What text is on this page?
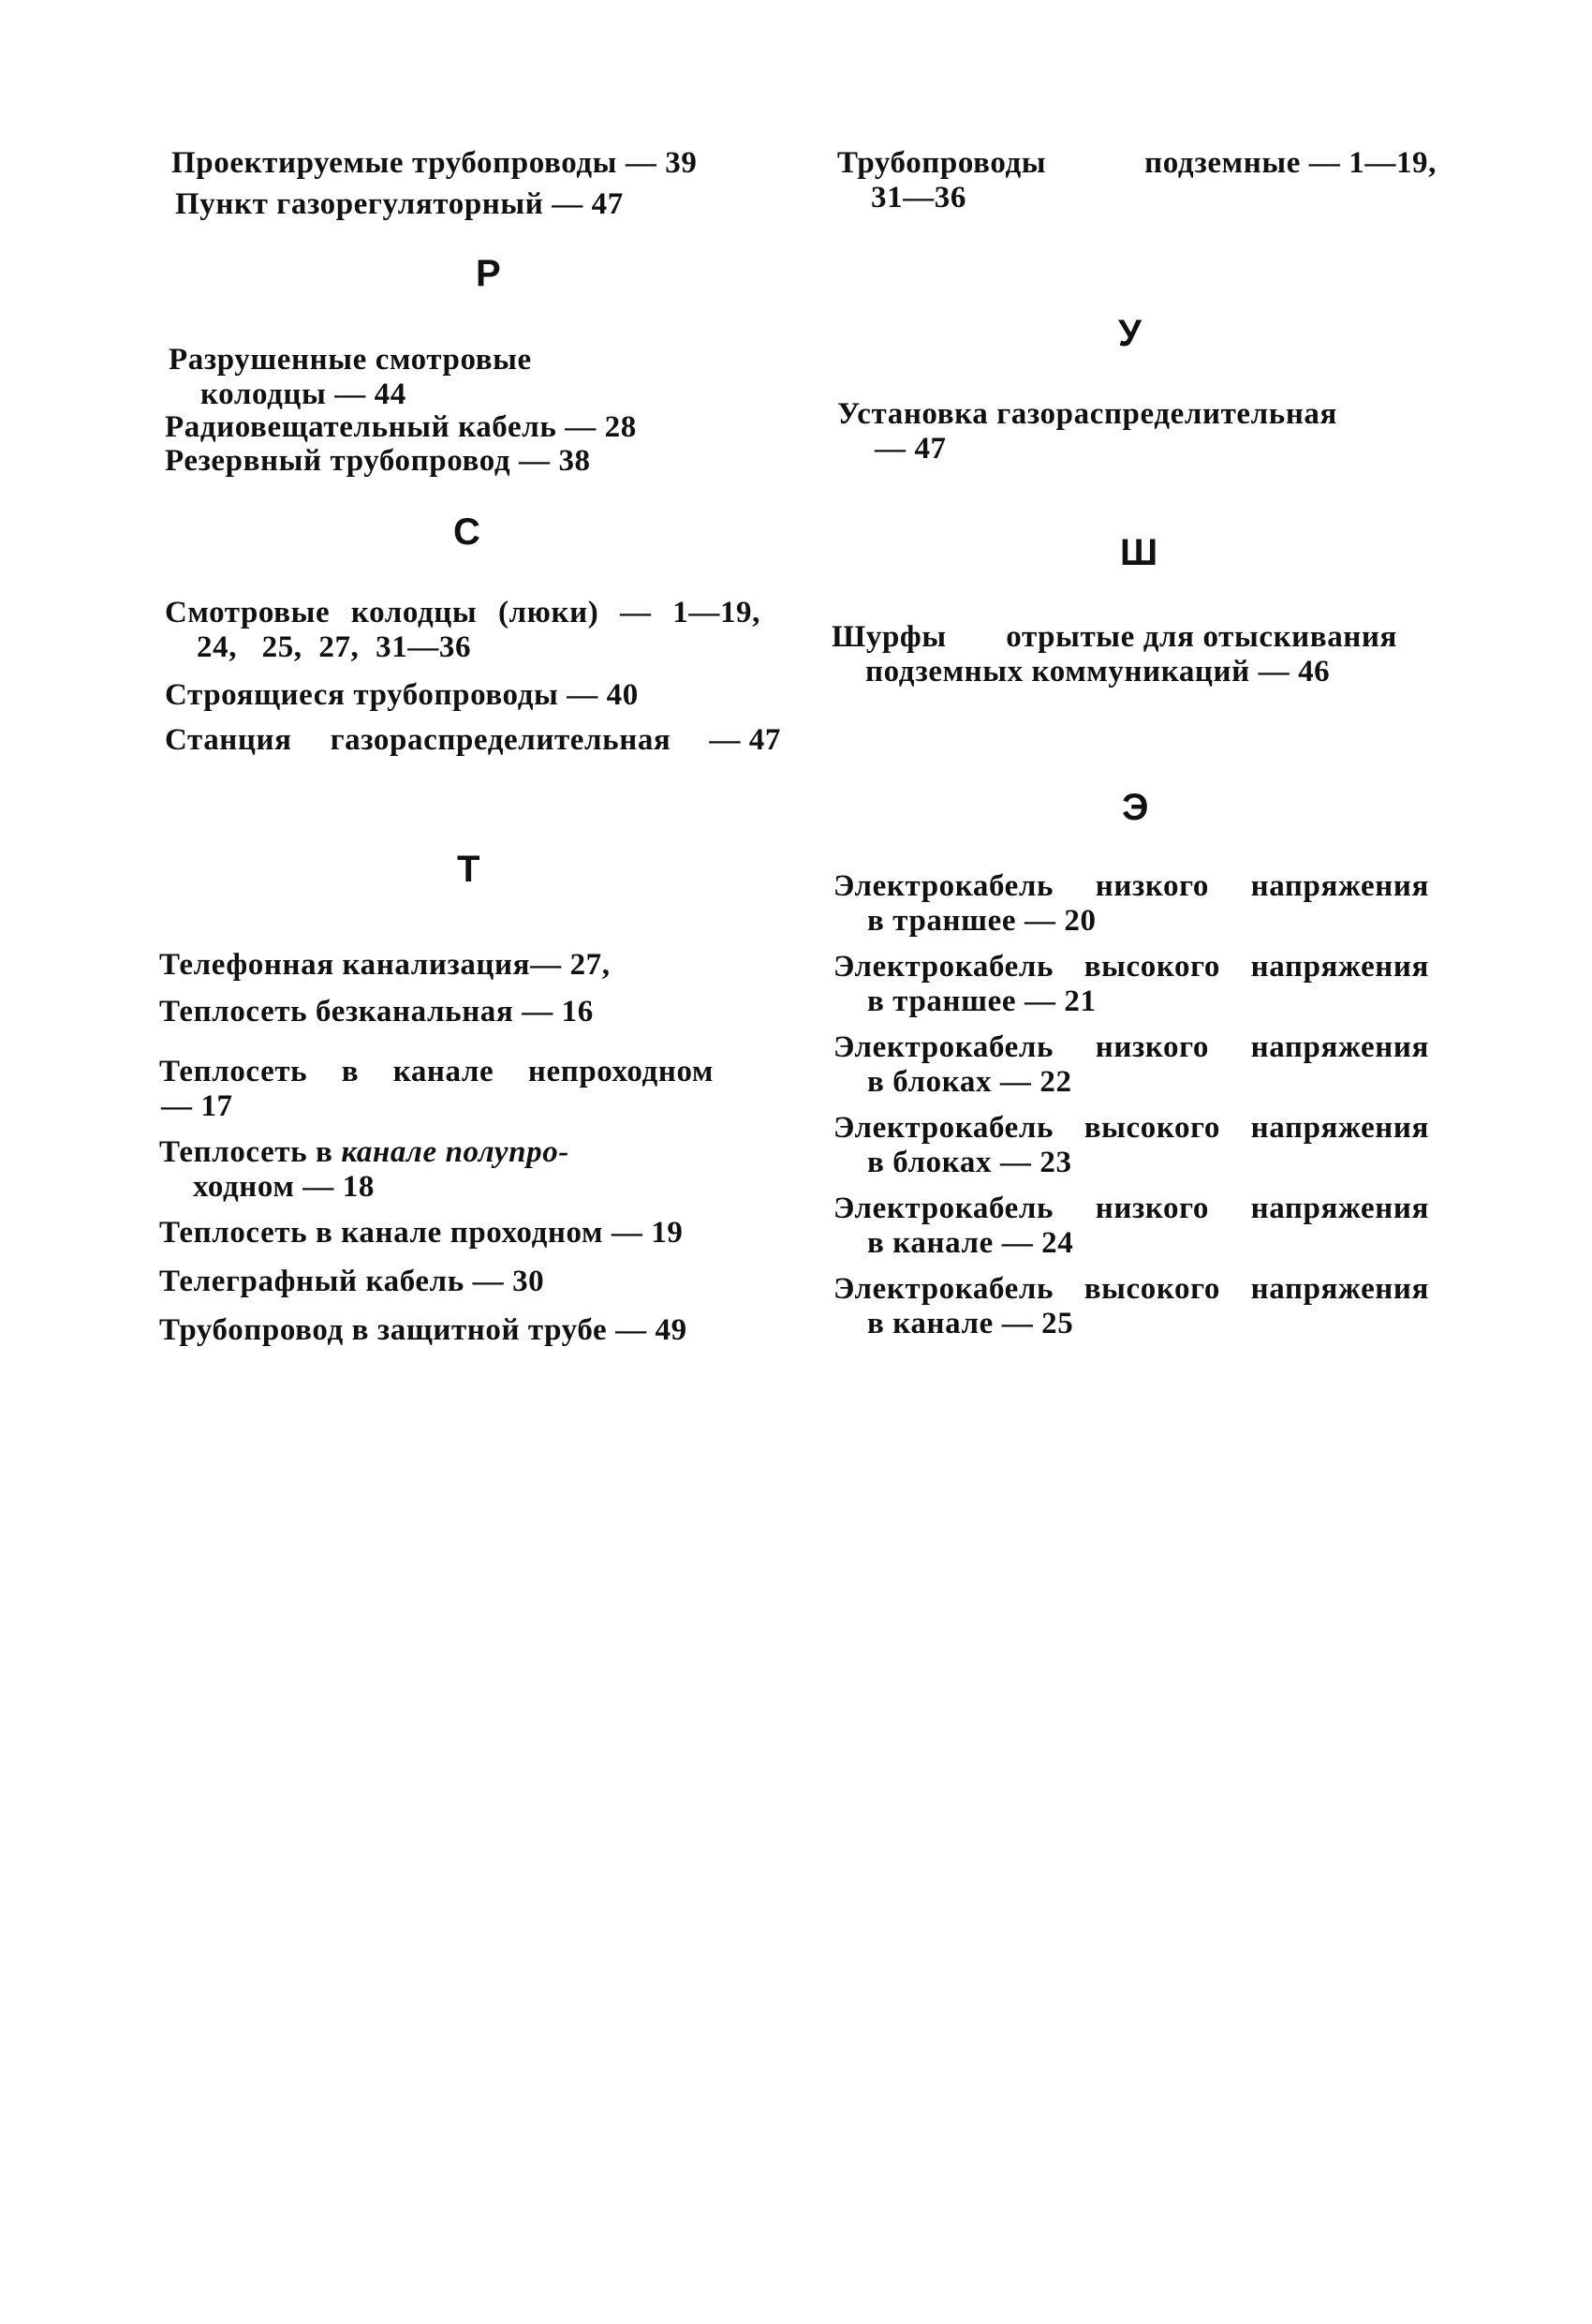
Проектируемые трубопроводы — 39
Пункт газорегуляторный — 47
Р
Разрушенные смотровые
колодцы — 44
Радиовещательный кабель — 28
Резервный трубопровод — 38
С
Смотровые колодцы (люки) — 1—19,
24,   25,  27,  31—36
Строящиеся трубопроводы — 40
Станция газораспределительная — 47
Т
Телефонная канализация— 27,
Теплосеть безканальная — 16
Теплосеть в канале непроходном
— 17
Теплосеть в канале полупро-
ходном — 18
Теплосеть в канале проходном — 19
Телеграфный кабель — 30
Трубопровод в защитной трубе — 49
Трубопроводы	подземные — 1—19,
31—36
У
Установка газораспределительная
— 47
Ш
Шурфы отрытые для отыскивания
подземных коммуникаций — 46
Э
Электрокабель низкого напряжения
в траншее — 20
Электрокабель высокого напряжения
в траншее — 21
Электрокабель низкого напряжения
в блоках — 22
Электрокабель высокого напряжения
в блоках — 23
Электрокабель низкого напряжения
в канале — 24
Электрокабель высокого напряжения
в канале — 25
